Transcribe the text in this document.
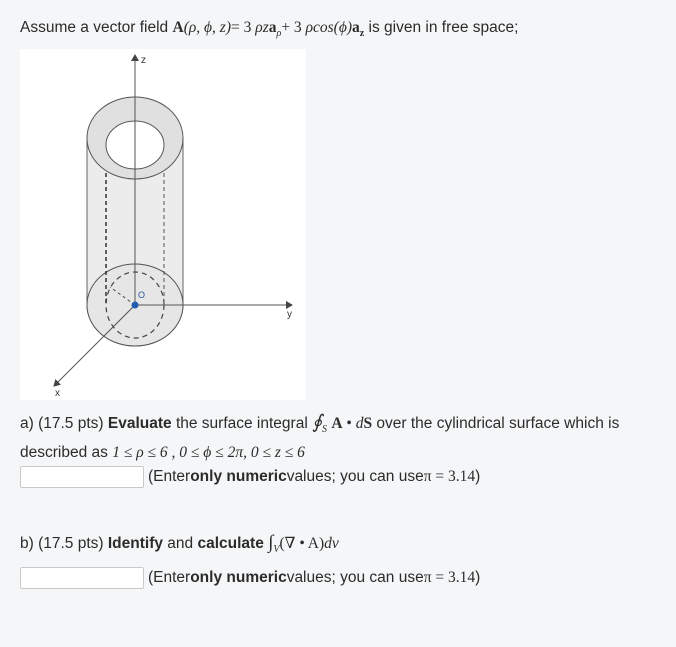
Assume a vector field A(ρ, ϕ, z)= 3 ρza$_\rho$+ 3 $\rho\cos(\phi)a_z$ is given in free space;
O
z
y
x
a) (17.5 pts) Evaluate the surface integral $∮_S$ A • dS over the cylindrical surface which is described as 1 ≤ ρ ≤ 6 , 0 ≤ ϕ ≤ 2π, 0 ≤ z ≤ 6
(Enter only numeric values; you can use π = 3.14 )
b) (17.5 pts) Identify and calculate $\int_V(\nabla$ • A)dv
(Enter only numeric values; you can use π = 3.14 )
